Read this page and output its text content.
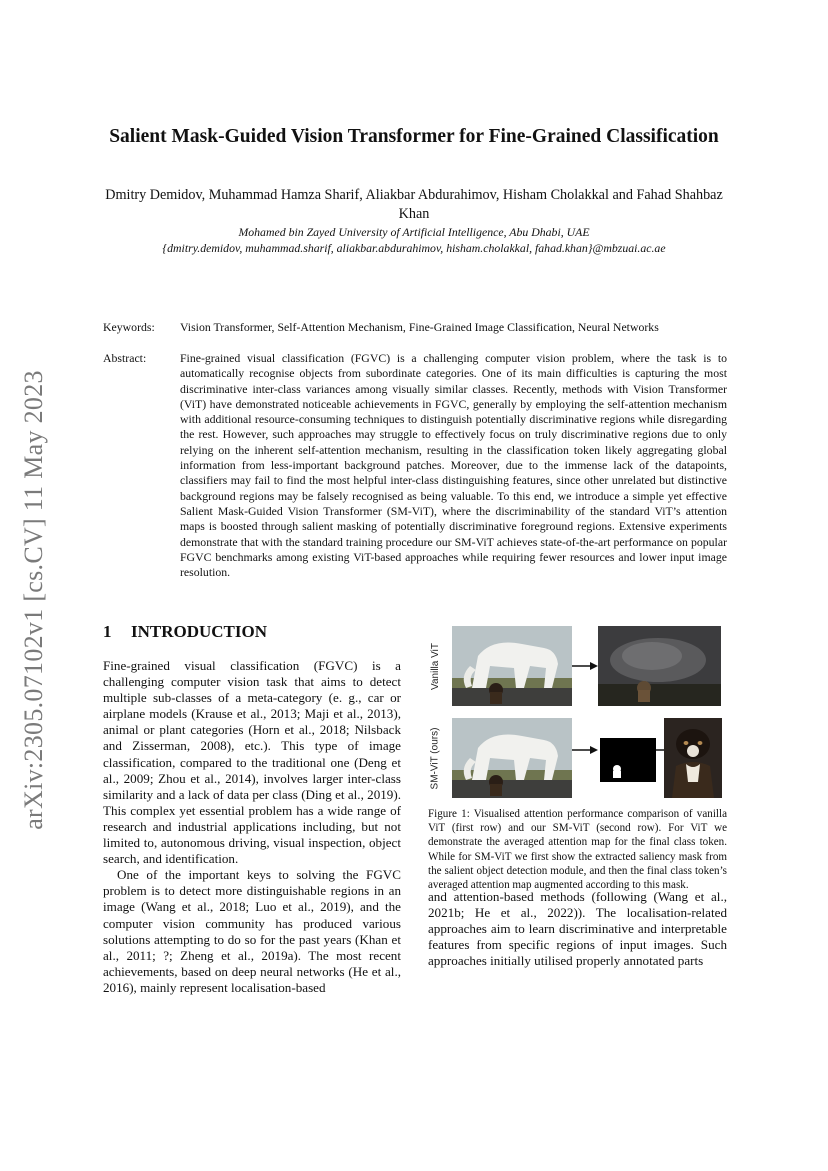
arXiv:2305.07102v1 [cs.CV] 11 May 2023
Salient Mask-Guided Vision Transformer for Fine-Grained Classification

Dmitry Demidov, Muhammad Hamza Sharif, Aliakbar Abdurahimov, Hisham Cholakkal and Fahad Shahbaz Khan

Mohamed bin Zayed University of Artificial Intelligence, Abu Dhabi, UAE
{dmitry.demidov, muhammad.sharif, aliakbar.abdurahimov, hisham.cholakkal, fahad.khan}@mbzuai.ac.ae
Keywords: Vision Transformer, Self-Attention Mechanism, Fine-Grained Image Classification, Neural Networks
Abstract:	Fine-grained visual classification (FGVC) is a challenging computer vision problem, where the task is to automatically recognise objects from subordinate categories. One of its main difficulties is capturing the most discriminative inter-class variances among visually similar classes. Recently, methods with Vision Transformer (ViT) have demonstrated noticeable achievements in FGVC, generally by employing the self-attention mechanism with additional resource-consuming techniques to distinguish potentially discriminative regions while disregarding the rest. However, such approaches may struggle to effectively focus on truly discriminative regions due to only relying on the inherent self-attention mechanism, resulting in the classification token likely aggregating global information from less-important background patches. Moreover, due to the immense lack of the datapoints, classifiers may fail to find the most helpful inter-class distinguishing features, since other unrelated but distinctive background regions may be falsely recognised as being valuable. To this end, we introduce a simple yet effective Salient Mask-Guided Vision Transformer (SM-ViT), where the discriminability of the standard ViT’s attention maps is boosted through salient masking of potentially discriminative foreground regions. Extensive experiments demonstrate that with the standard training procedure our SM-ViT achieves state-of-the-art performance on popular FGVC benchmarks among existing ViT-based approaches while requiring fewer resources and lower input image resolution.
1 INTRODUCTION

Fine-grained visual classification (FGVC) is a challenging computer vision task that aims to detect multiple sub-classes of a meta-category (e. g., car or airplane models (Krause et al., 2013; Maji et al., 2013), animal or plant categories (Horn et al., 2018; Nilsback and Zisserman, 2008), etc.). This type of image classification, compared to the traditional one (Deng et al., 2009; Zhou et al., 2014), involves larger inter-class similarity and a lack of data per class (Ding et al., 2019). This complex yet essential problem has a wide range of research and industrial applications including, but not limited to, autonomous driving, visual inspection, object search, and identification.

One of the important keys to solving the FGVC problem is to detect more distinguishable regions in an image (Wang et al., 2018; Luo et al., 2019), and the computer vision community has produced various solutions attempting to do so for the past years (Khan et al., 2011; ?; Zheng et al., 2019a). The most recent achievements, based on deep neural networks (He et al., 2016), mainly represent localisation-based

Vanilla ViT
SM-ViT (ours)
Figure 1: Visualised attention performance comparison of vanilla ViT (first row) and our SM-ViT (second row). For ViT we demonstrate the averaged attention map for the final class token. While for SM-ViT we first show the extracted saliency mask from the salient object detection module, and then the final class token’s averaged attention map augmented according to this mask.
and attention-based methods (following (Wang et al., 2021b; He et al., 2022)). The localisation-related approaches aim to learn discriminative and interpretable features from specific regions of input images. Such approaches initially utilised properly annotated parts
